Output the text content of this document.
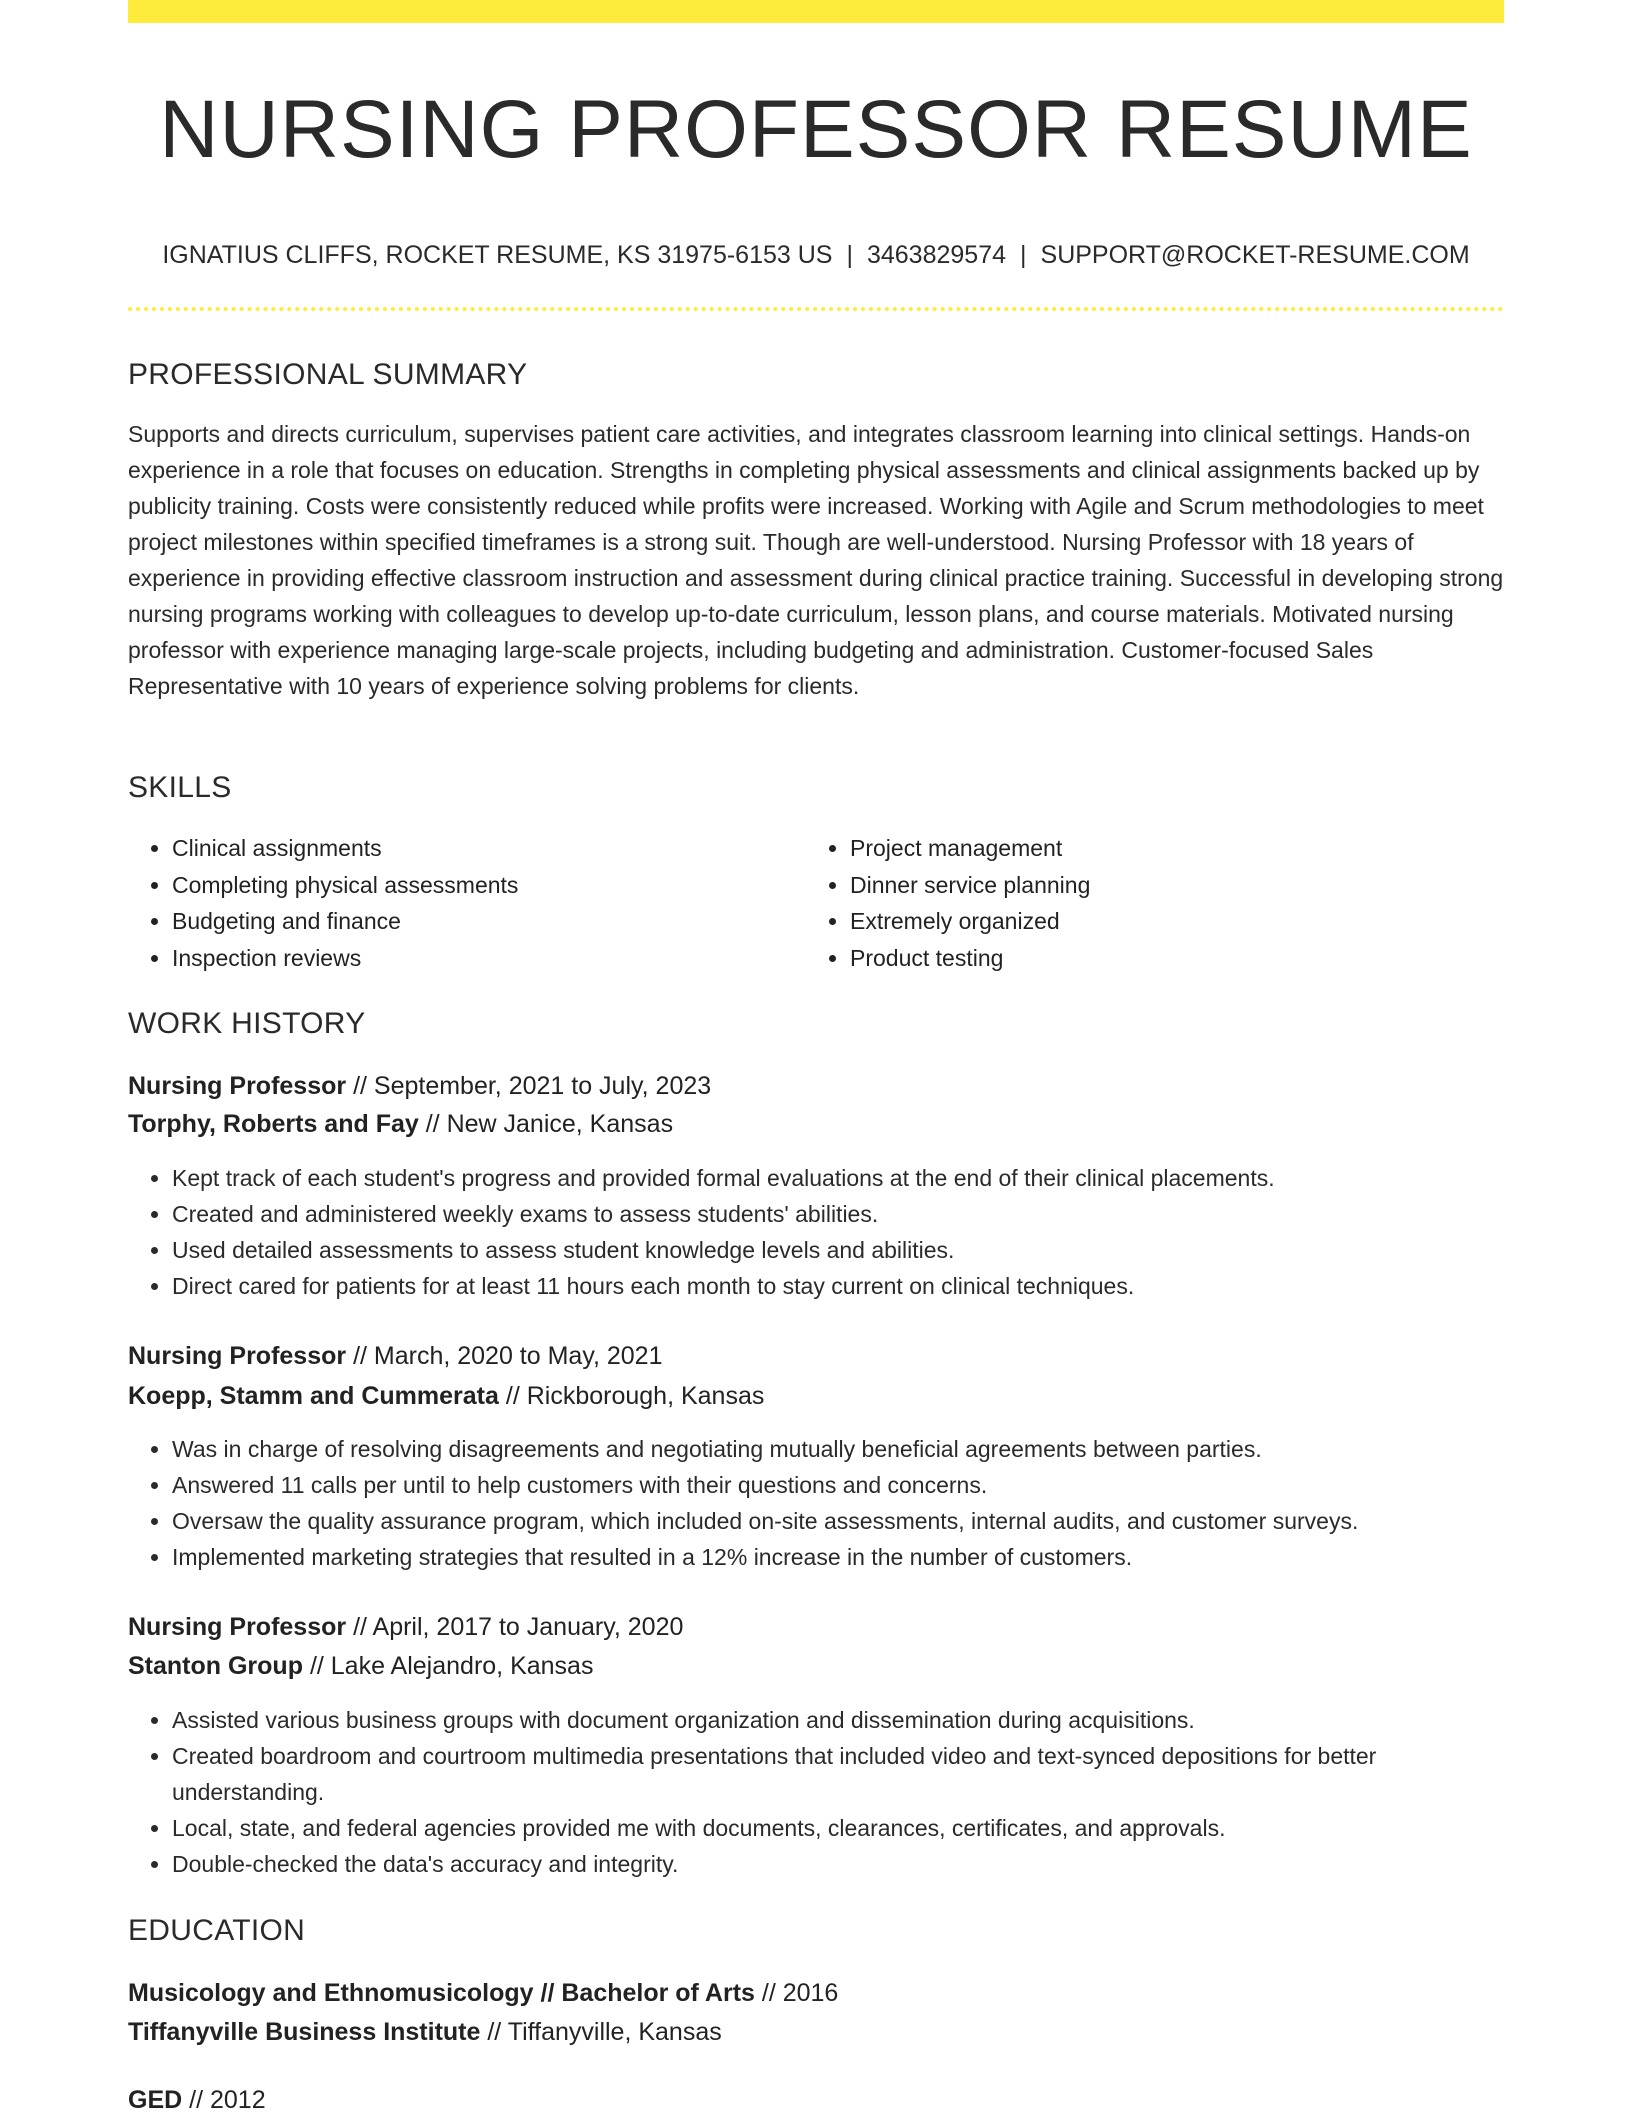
NURSING PROFESSOR RESUME
IGNATIUS CLIFFS, ROCKET RESUME, KS 31975-6153 US | 3463829574 | SUPPORT@ROCKET-RESUME.COM
PROFESSIONAL SUMMARY
Supports and directs curriculum, supervises patient care activities, and integrates classroom learning into clinical settings. Hands-on experience in a role that focuses on education. Strengths in completing physical assessments and clinical assignments backed up by publicity training. Costs were consistently reduced while profits were increased. Working with Agile and Scrum methodologies to meet project milestones within specified timeframes is a strong suit. Though are well-understood. Nursing Professor with 18 years of experience in providing effective classroom instruction and assessment during clinical practice training. Successful in developing strong nursing programs working with colleagues to develop up-to-date curriculum, lesson plans, and course materials. Motivated nursing professor with experience managing large-scale projects, including budgeting and administration. Customer-focused Sales Representative with 10 years of experience solving problems for clients.
SKILLS
• Clinical assignments
• Completing physical assessments
• Budgeting and finance
• Inspection reviews
• Project management
• Dinner service planning
• Extremely organized
• Product testing
WORK HISTORY
Nursing Professor // September, 2021 to July, 2023
Torphy, Roberts and Fay // New Janice, Kansas
• Kept track of each student's progress and provided formal evaluations at the end of their clinical placements.
• Created and administered weekly exams to assess students' abilities.
• Used detailed assessments to assess student knowledge levels and abilities.
• Direct cared for patients for at least 11 hours each month to stay current on clinical techniques.
Nursing Professor // March, 2020 to May, 2021
Koepp, Stamm and Cummerata // Rickborough, Kansas
• Was in charge of resolving disagreements and negotiating mutually beneficial agreements between parties.
• Answered 11 calls per until to help customers with their questions and concerns.
• Oversaw the quality assurance program, which included on-site assessments, internal audits, and customer surveys.
• Implemented marketing strategies that resulted in a 12% increase in the number of customers.
Nursing Professor // April, 2017 to January, 2020
Stanton Group // Lake Alejandro, Kansas
• Assisted various business groups with document organization and dissemination during acquisitions.
• Created boardroom and courtroom multimedia presentations that included video and text-synced depositions for better understanding.
• Local, state, and federal agencies provided me with documents, clearances, certificates, and approvals.
• Double-checked the data's accuracy and integrity.
EDUCATION
Musicology and Ethnomusicology // Bachelor of Arts // 2016
Tiffanyville Business Institute // Tiffanyville, Kansas
GED // 2012
